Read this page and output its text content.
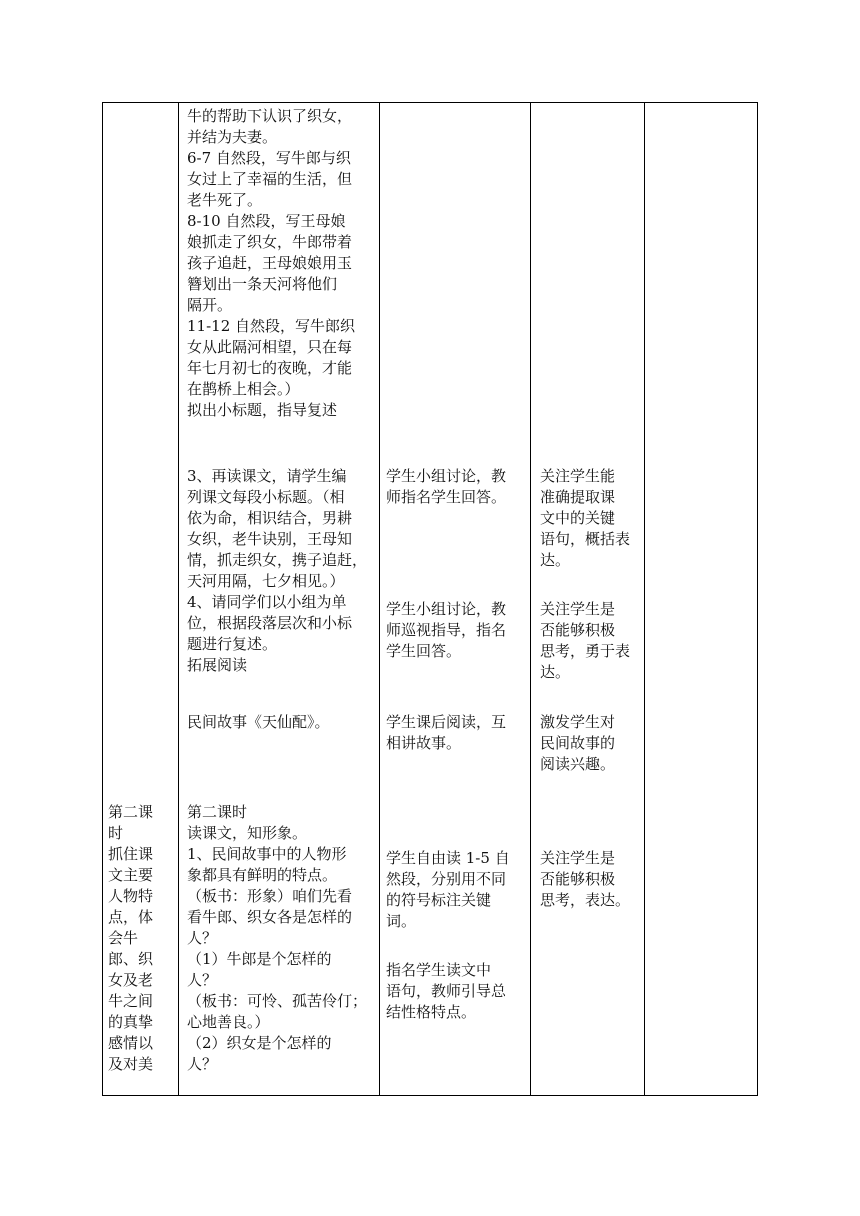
牛的帮助下认识了织女，

并结为夫妻。

6-7 自然段，写牛郎与织

女过上了幸福的生活，但

老牛死了。

8-10 自然段，写王母娘

娘抓走了织女，牛郎带着

孩子追赶，王母娘娘用玉

簪划出一条天河将他们

隔开。

11-12 自然段，写牛郎织

女从此隔河相望，只在每

年七月初七的夜晚，才能

在鹊桥上相会。）

拟出小标题，指导复述

3、再读课文，请学生编

列课文每段小标题。（相

依为命，相识结合，男耕

女织，老牛诀别，王母知

情，抓走织女，携子追赶，

天河用隔，七夕相见。）

4、请同学们以小组为单

位，根据段落层次和小标

题进行复述。

拓展阅读

民间故事《天仙配》。

第二课时

读课文，知形象。

1、民间故事中的人物形

象都具有鲜明的特点。

（板书：形象）咱们先看

看牛郎、织女各是怎样的

人？

（1）牛郎是个怎样的

人？

（板书：可怜、孤苦伶仃；

心地善良。）

（2）织女是个怎样的

人？

学生小组讨论，教

师指名学生回答。

学生小组讨论，教

师巡视指导，指名

学生回答。

学生课后阅读，互

相讲故事。

学生自由读 1-5 自

然段，分别用不同

的符号标注关键

词。

指名学生读文中

语句，教师引导总

结性格特点。

关注学生能

准确提取课

文中的关键

语句，概括表

达。

关注学生是

否能够积极

思考，勇于表

达。

激发学生对

民间故事的

阅读兴趣。

关注学生是

否能够积极

思考，表达。

第二课

时

抓住课

文主要

人物特

点，体

会牛

郎、织

女及老

牛之间

的真挚

感情以

及对美
